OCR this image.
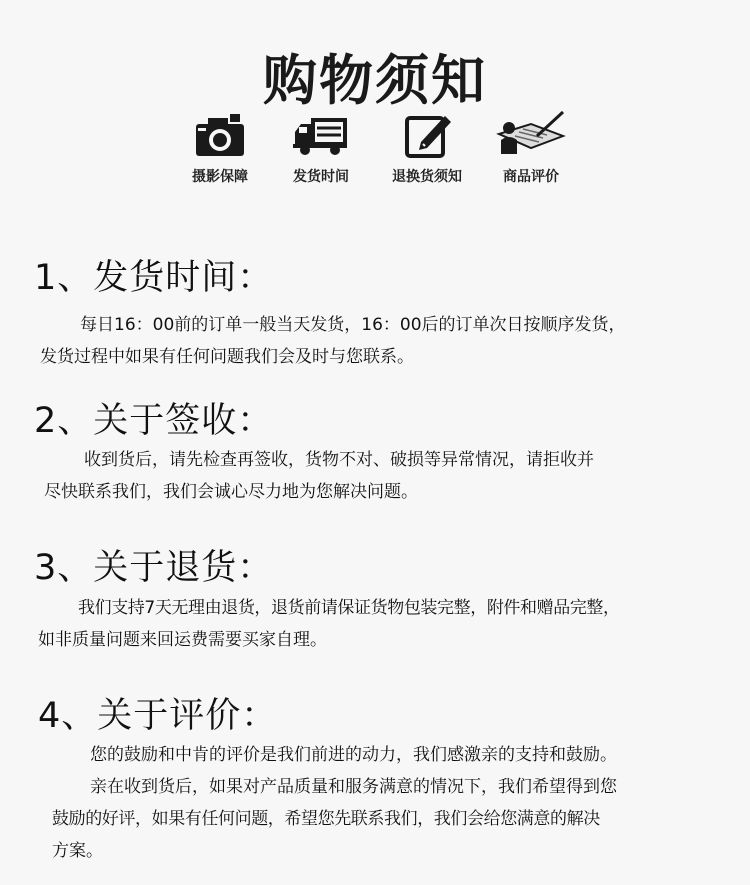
购物须知
摄影保障	发货时间	退换货须知	商品评价
1、发货时间：

每日16：00前的订单一般当天发货，16：00后的订单次日按顺序发货，

发货过程中如果有任何问题我们会及时与您联系。

2、关于签收：

收到货后，请先检查再签收，货物不对、破损等异常情况，请拒收并

尽快联系我们，我们会诚心尽力地为您解决问题。

3、关于退货：

我们支持7天无理由退货，退货前请保证货物包装完整，附件和赠品完整，

如非质量问题来回运费需要买家自理。

4、关于评价：

您的鼓励和中肯的评价是我们前进的动力，我们感激亲的支持和鼓励。

亲在收到货后，如果对产品质量和服务满意的情况下，我们希望得到您

鼓励的好评，如果有任何问题，希望您先联系我们，我们会给您满意的解决

方案。
